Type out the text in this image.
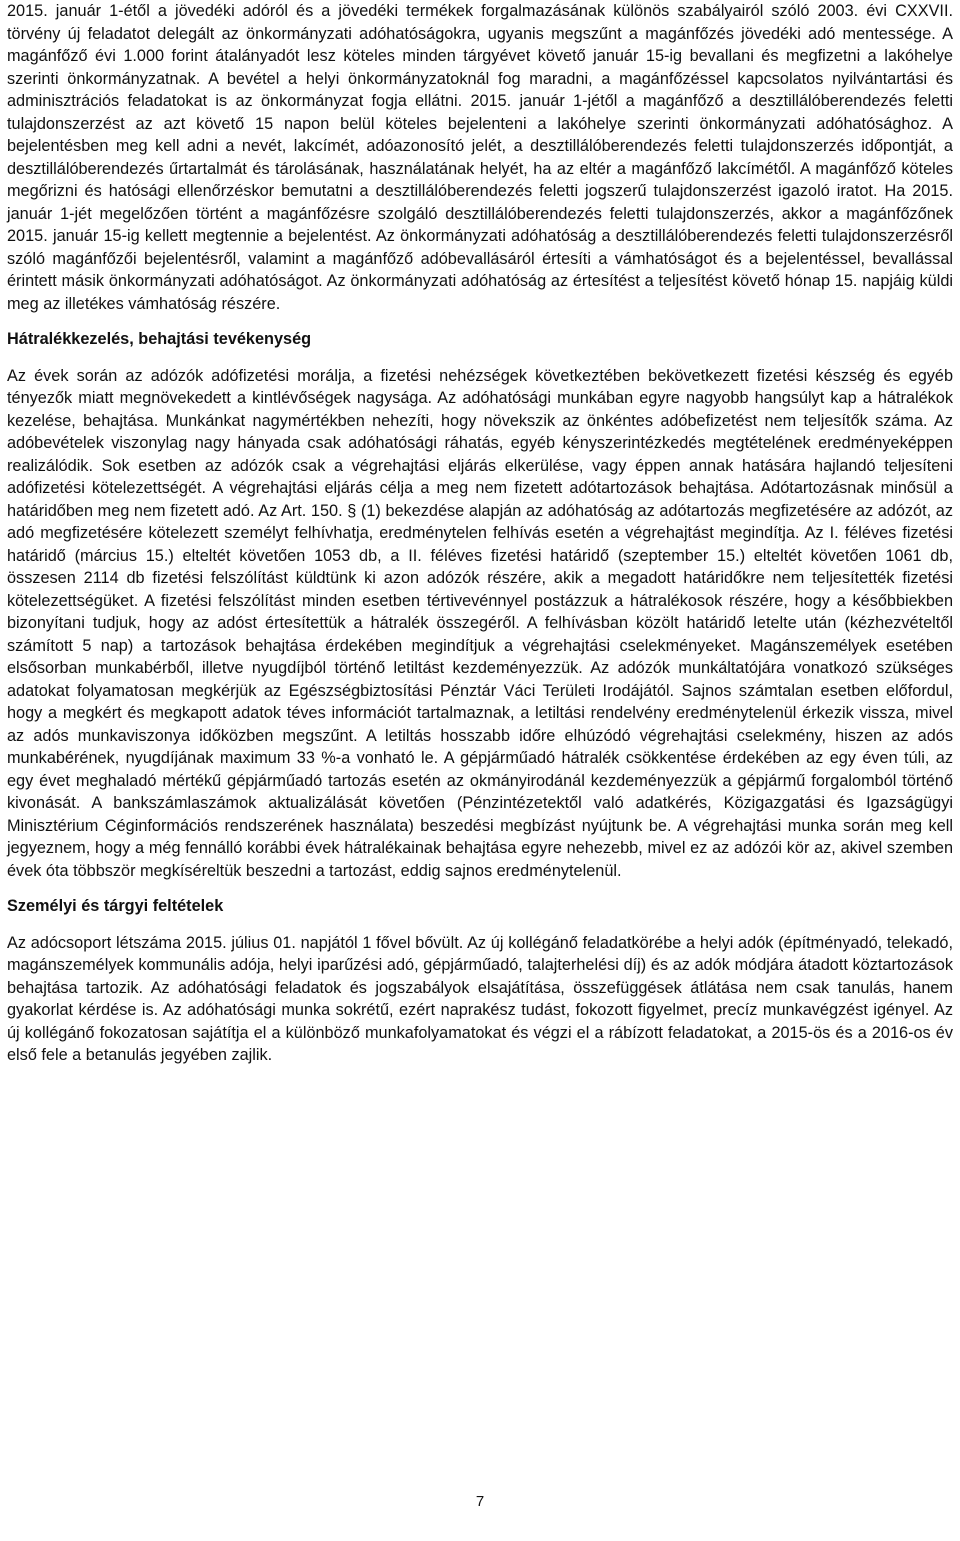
2015. január 1-étől a jövedéki adóról és a jövedéki termékek forgalmazásának különös szabályairól szóló 2003. évi CXXVII. törvény új feladatot delegált az önkormányzati adóhatóságokra, ugyanis megszűnt a magánfőzés jövedéki adó mentessége. A magánfőző évi 1.000 forint átalányadót lesz köteles minden tárgyévet követő január 15-ig bevallani és megfizetni a lakóhelye szerinti önkormányzatnak. A bevétel a helyi önkormányzatoknál fog maradni, a magánfőzéssel kapcsolatos nyilvántartási és adminisztrációs feladatokat is az önkormányzat fogja ellátni. 2015. január 1-jétől a magánfőző a desztillálóberendezés feletti tulajdonszerzést az azt követő 15 napon belül köteles bejelenteni a lakóhelye szerinti önkormányzati adóhatósághoz. A bejelentésben meg kell adni a nevét, lakcímét, adóazonosító jelét, a desztillálóberendezés feletti tulajdonszerzés időpontját, a desztillálóberendezés űrtartalmát és tárolásának, használatának helyét, ha az eltér a magánfőző lakcímétől. A magánfőző köteles megőrizni és hatósági ellenőrzéskor bemutatni a desztillálóberendezés feletti jogszerű tulajdonszerzést igazoló iratot. Ha 2015. január 1-jét megelőzően történt a magánfőzésre szolgáló desztillálóberendezés feletti tulajdonszerzés, akkor a magánfőzőnek 2015. január 15-ig kellett megtennie a bejelentést. Az önkormányzati adóhatóság a desztillálóberendezés feletti tulajdonszerzésről szóló magánfőzői bejelentésről, valamint a magánfőző adóbevallásáról értesíti a vámhatóságot és a bejelentéssel, bevallással érintett másik önkormányzati adóhatóságot. Az önkormányzati adóhatóság az értesítést a teljesítést követő hónap 15. napjáig küldi meg az illetékes vámhatóság részére.

Hátralékkezelés, behajtási tevékenység

Az évek során az adózók adófizetési morálja, a fizetési nehézségek következtében bekövetkezett fizetési készség és egyéb tényezők miatt megnövekedett a kintlévőségek nagysága. Az adóhatósági munkában egyre nagyobb hangsúlyt kap a hátralékok kezelése, behajtása. Munkánkat nagymértékben nehezíti, hogy növekszik az önkéntes adóbefizetést nem teljesítők száma. Az adóbevételek viszonylag nagy hányada csak adóhatósági ráhatás, egyéb kényszerintézkedés megtételének eredményeképpen realizálódik. Sok esetben az adózók csak a végrehajtási eljárás elkerülése, vagy éppen annak hatására hajlandó teljesíteni adófizetési kötelezettségét. A végrehajtási eljárás célja a meg nem fizetett adótartozások behajtása. Adótartozásnak minősül a határidőben meg nem fizetett adó. Az Art. 150. § (1) bekezdése alapján az adóhatóság az adótartozás megfizetésére az adózót, az adó megfizetésére kötelezett személyt felhívhatja, eredménytelen felhívás esetén a végrehajtást megindítja. Az I. féléves fizetési határidő (március 15.) elteltét követően 1053 db, a II. féléves fizetési határidő (szeptember 15.) elteltét követően 1061 db, összesen 2114 db fizetési felszólítást küldtünk ki azon adózók részére, akik a megadott határidőkre nem teljesítették fizetési kötelezettségüket. A fizetési felszólítást minden esetben tértivevénnyel postázzuk a hátralékosok részére, hogy a későbbiekben bizonyítani tudjuk, hogy az adóst értesítettük a hátralék összegéről. A felhívásban közölt határidő letelte után (kézhezvételtől számított 5 nap) a tartozások behajtása érdekében megindítjuk a végrehajtási cselekményeket. Magánszemélyek esetében elsősorban munkabérből, illetve nyugdíjból történő letiltást kezdeményezzük. Az adózók munkáltatójára vonatkozó szükséges adatokat folyamatosan megkérjük az Egészségbiztosítási Pénztár Váci Területi Irodájától. Sajnos számtalan esetben előfordul, hogy a megkért és megkapott adatok téves információt tartalmaznak, a letiltási rendelvény eredménytelenül érkezik vissza, mivel az adós munkaviszonya időközben megszűnt. A letiltás hosszabb időre elhúzódó végrehajtási cselekmény, hiszen az adós munkabérének, nyugdíjának maximum 33 %-a vonható le. A gépjárműadó hátralék csökkentése érdekében az egy éven túli, az egy évet meghaladó mértékű gépjárműadó tartozás esetén az okmányirodánál kezdeményezzük a gépjármű forgalomból történő kivonását. A bankszámlaszámok aktualizálását követően (Pénzintézetektől való adatkérés, Közigazgatási és Igazságügyi Minisztérium Céginformációs rendszerének használata) beszedési megbízást nyújtunk be. A végrehajtási munka során meg kell jegyeznem, hogy a még fennálló korábbi évek hátralékainak behajtása egyre nehezebb, mivel ez az adózói kör az, akivel szemben évek óta többször megkíséreltük beszedni a tartozást, eddig sajnos eredménytelenül.

Személyi és tárgyi feltételek

Az adócsoport létszáma 2015. július 01. napjától 1 fővel bővült. Az új kollégánő feladatkörébe a helyi adók (építményadó, telekadó, magánszemélyek kommunális adója, helyi iparűzési adó, gépjárműadó, talajterhelési díj) és az adók módjára átadott köztartozások behajtása tartozik. Az adóhatósági feladatok és jogszabályok elsajátítása, összefüggések átlátása nem csak tanulás, hanem gyakorlat kérdése is. Az adóhatósági munka sokrétű, ezért naprakész tudást, fokozott figyelmet, precíz munkavégzést igényel. Az új kollégánő fokozatosan sajátítja el a különböző munkafolyamatokat és végzi el a rábízott feladatokat, a 2015-ös és a 2016-os év első fele a betanulás jegyében zajlik.

7
